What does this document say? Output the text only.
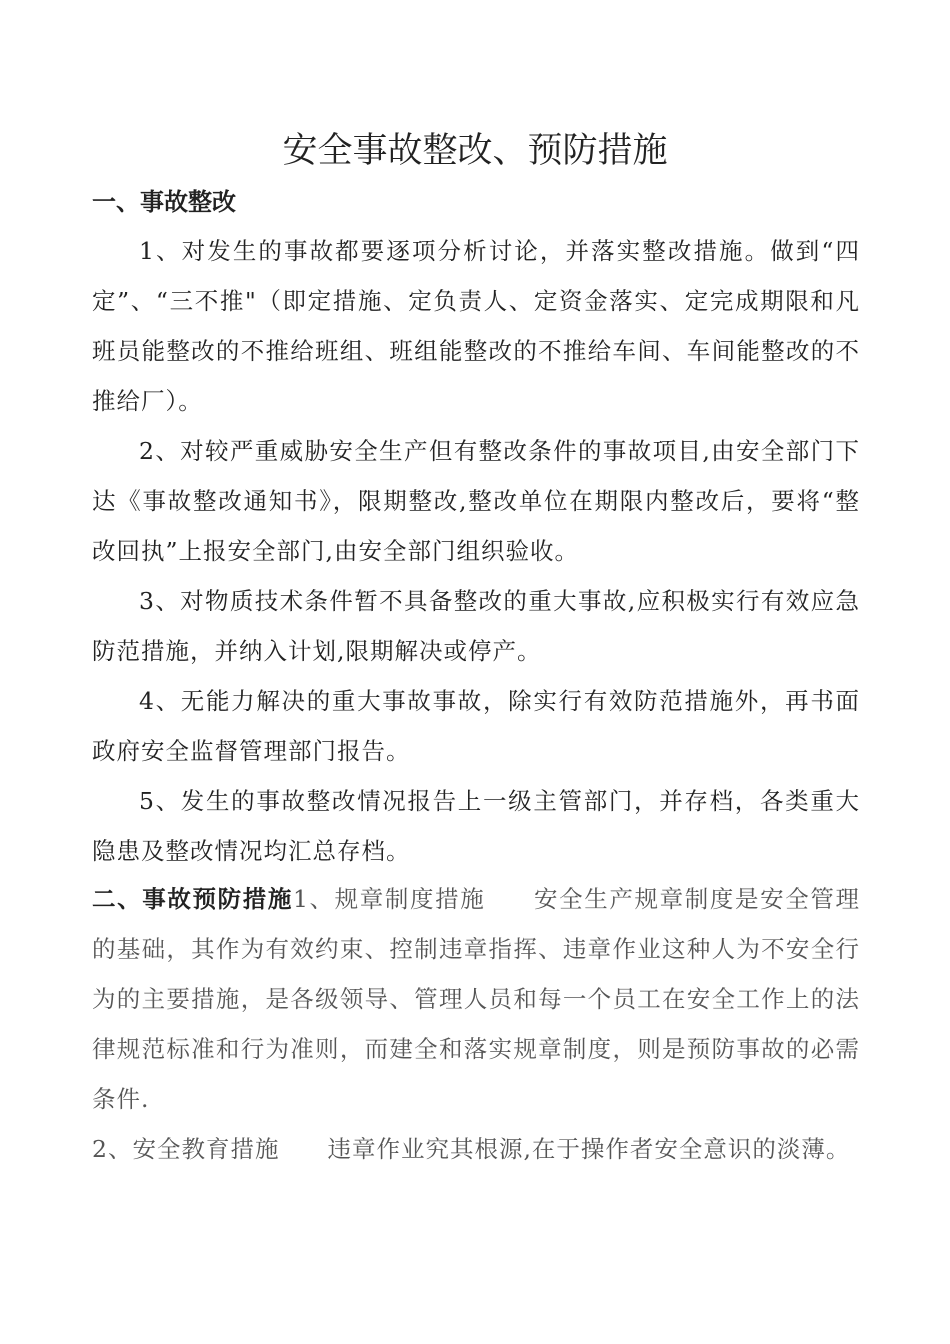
安全事故整改、预防措施
一、事故整改
1、对发生的事故都要逐项分析讨论，并落实整改措施。做到“四定”、“三不推"（即定措施、定负责人、定资金落实、定完成期限和凡班员能整改的不推给班组、班组能整改的不推给车间、车间能整改的不推给厂）。
2、对较严重威胁安全生产但有整改条件的事故项目,由安全部门下达《事故整改通知书》，限期整改,整改单位在期限内整改后，要将“整改回执”上报安全部门,由安全部门组织验收。
3、对物质技术条件暂不具备整改的重大事故,应积极实行有效应急防范措施，并纳入计划,限期解决或停产。
4、无能力解决的重大事故事故，除实行有效防范措施外，再书面政府安全监督管理部门报告。
5、发生的事故整改情况报告上一级主管部门，并存档，各类重大隐患及整改情况均汇总存档。
二、事故预防措施1、规章制度措施 安全生产规章制度是安全管理的基础，其作为有效约束、控制违章指挥、违章作业这种人为不安全行为的主要措施，是各级领导、管理人员和每一个员工在安全工作上的法律规范标准和行为准则，而建全和落实规章制度，则是预防事故的必需条件.
2、安全教育措施 违章作业究其根源,在于操作者安全意识的淡薄。
